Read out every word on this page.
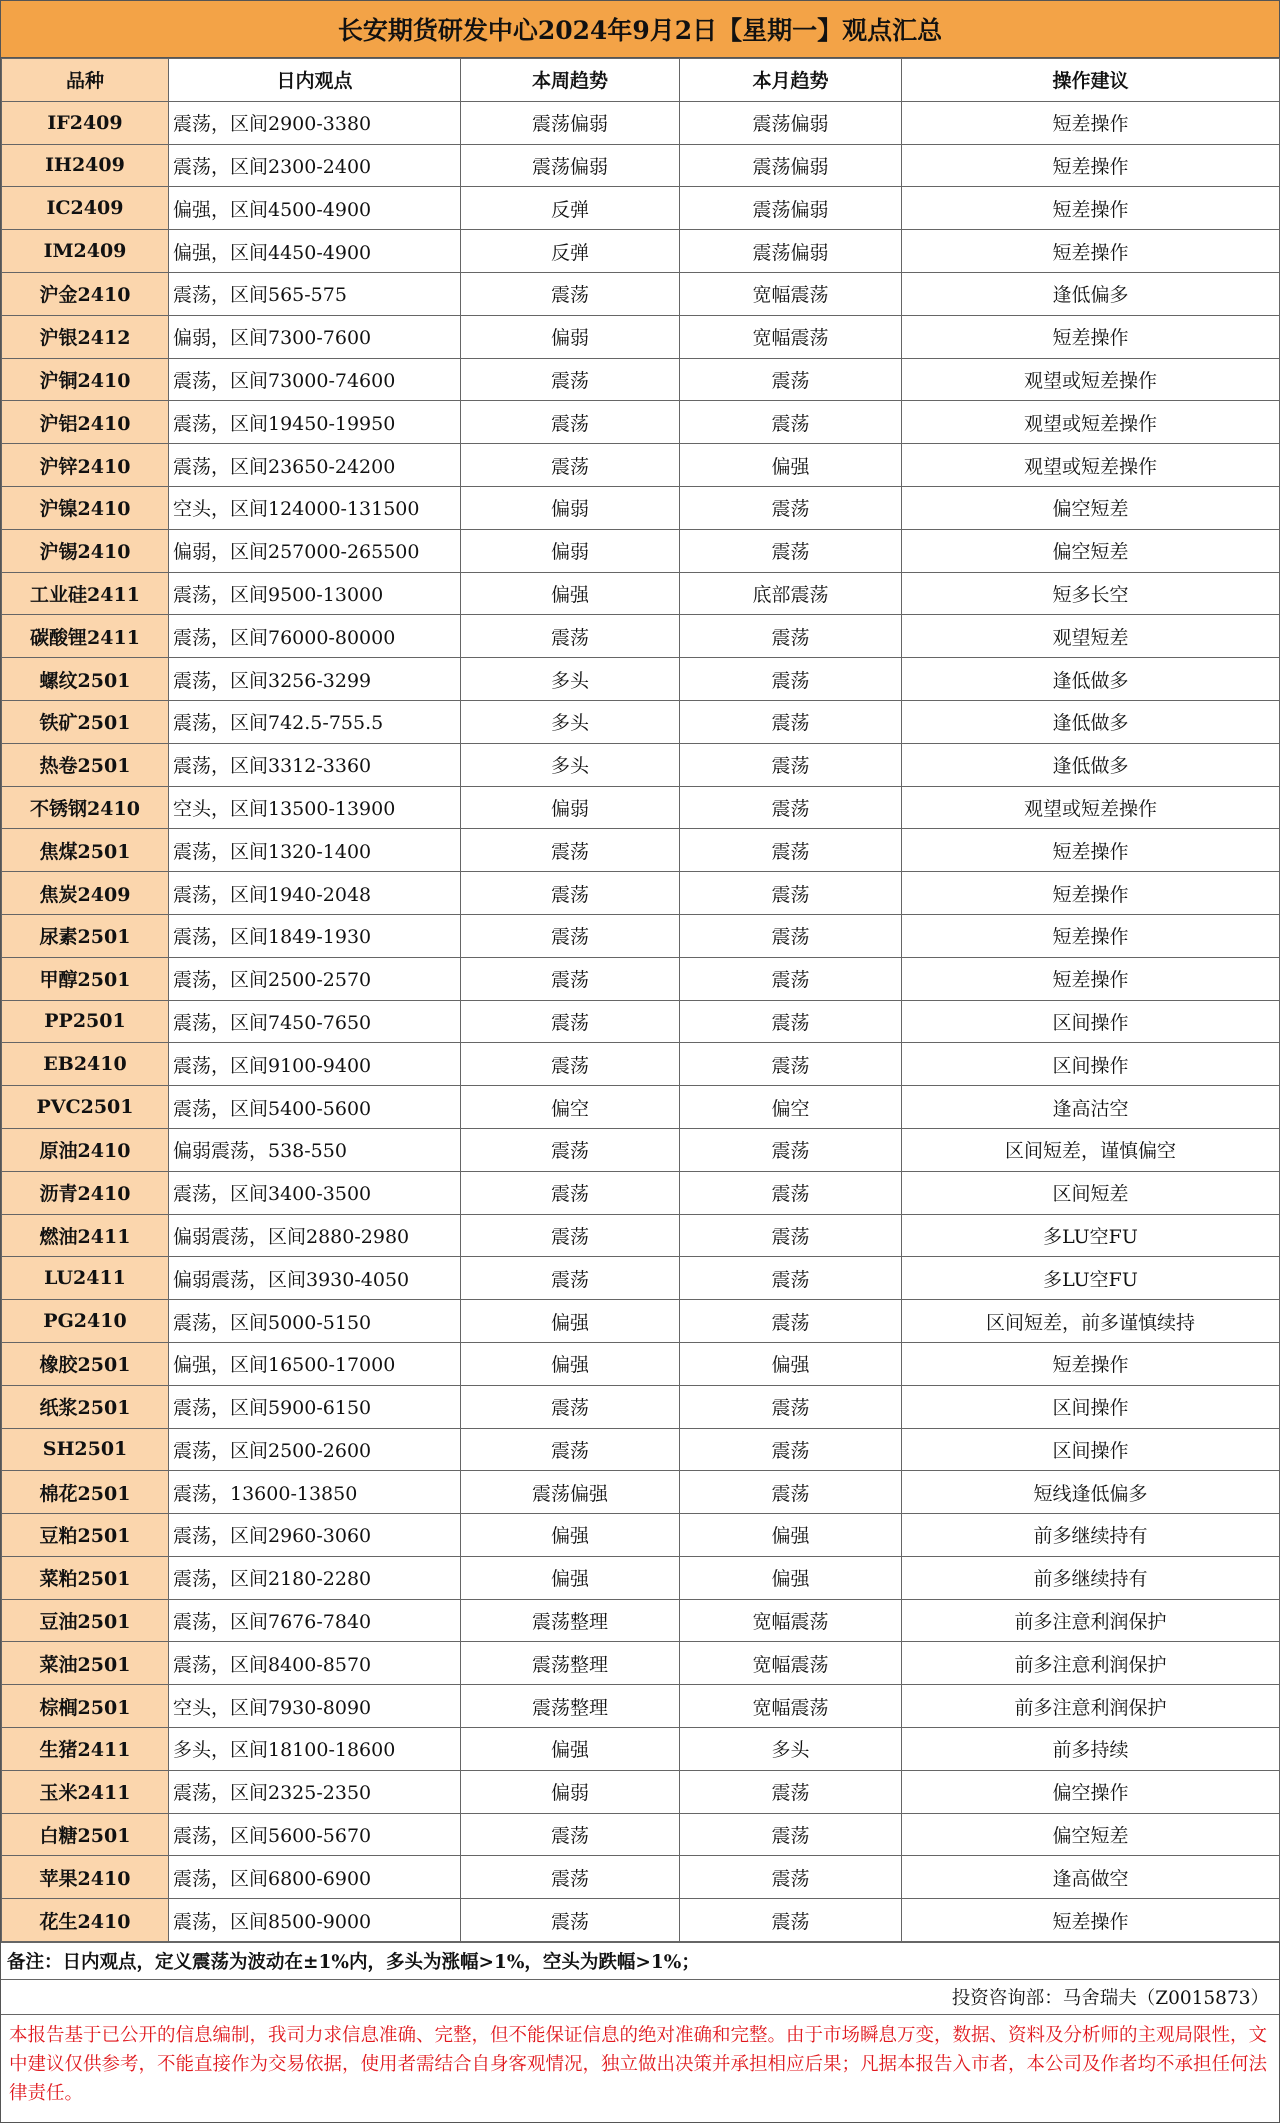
长安期货研发中心2024年9月2日【星期一】观点汇总
品种	日内观点	本周趋势	本月趋势	操作建议
IF2409	震荡，区间2900-3380	震荡偏弱	震荡偏弱	短差操作
IH2409	震荡，区间2300-2400	震荡偏弱	震荡偏弱	短差操作
IC2409	偏强，区间4500-4900	反弹	震荡偏弱	短差操作
IM2409	偏强，区间4450-4900	反弹	震荡偏弱	短差操作
沪金2410	震荡，区间565-575	震荡	宽幅震荡	逢低偏多
沪银2412	偏弱，区间7300-7600	偏弱	宽幅震荡	短差操作
沪铜2410	震荡，区间73000-74600	震荡	震荡	观望或短差操作
沪铝2410	震荡，区间19450-19950	震荡	震荡	观望或短差操作
沪锌2410	震荡，区间23650-24200	震荡	偏强	观望或短差操作
沪镍2410	空头，区间124000-131500	偏弱	震荡	偏空短差
沪锡2410	偏弱，区间257000-265500	偏弱	震荡	偏空短差
工业硅2411	震荡，区间9500-13000	偏强	底部震荡	短多长空
碳酸锂2411	震荡，区间76000-80000	震荡	震荡	观望短差
螺纹2501	震荡，区间3256-3299	多头	震荡	逢低做多
铁矿2501	震荡，区间742.5-755.5	多头	震荡	逢低做多
热卷2501	震荡，区间3312-3360	多头	震荡	逢低做多
不锈钢2410	空头，区间13500-13900	偏弱	震荡	观望或短差操作
焦煤2501	震荡，区间1320-1400	震荡	震荡	短差操作
焦炭2409	震荡，区间1940-2048	震荡	震荡	短差操作
尿素2501	震荡，区间1849-1930	震荡	震荡	短差操作
甲醇2501	震荡，区间2500-2570	震荡	震荡	短差操作
PP2501	震荡，区间7450-7650	震荡	震荡	区间操作
EB2410	震荡，区间9100-9400	震荡	震荡	区间操作
PVC2501	震荡，区间5400-5600	偏空	偏空	逢高沽空
原油2410	偏弱震荡，538-550	震荡	震荡	区间短差，谨慎偏空
沥青2410	震荡，区间3400-3500	震荡	震荡	区间短差
燃油2411	偏弱震荡，区间2880-2980	震荡	震荡	多LU空FU
LU2411	偏弱震荡，区间3930-4050	震荡	震荡	多LU空FU
PG2410	震荡，区间5000-5150	偏强	震荡	区间短差，前多谨慎续持
橡胶2501	偏强，区间16500-17000	偏强	偏强	短差操作
纸浆2501	震荡，区间5900-6150	震荡	震荡	区间操作
SH2501	震荡，区间2500-2600	震荡	震荡	区间操作
棉花2501	震荡，13600-13850	震荡偏强	震荡	短线逢低偏多
豆粕2501	震荡，区间2960-3060	偏强	偏强	前多继续持有
菜粕2501	震荡，区间2180-2280	偏强	偏强	前多继续持有
豆油2501	震荡，区间7676-7840	震荡整理	宽幅震荡	前多注意利润保护
菜油2501	震荡，区间8400-8570	震荡整理	宽幅震荡	前多注意利润保护
棕榈2501	空头，区间7930-8090	震荡整理	宽幅震荡	前多注意利润保护
生猪2411	多头，区间18100-18600	偏强	多头	前多持续
玉米2411	震荡，区间2325-2350	偏弱	震荡	偏空操作
白糖2501	震荡，区间5600-5670	震荡	震荡	偏空短差
苹果2410	震荡，区间6800-6900	震荡	震荡	逢高做空
花生2410	震荡，区间8500-9000	震荡	震荡	短差操作
备注：日内观点，定义震荡为波动在±1%内，多头为涨幅>1%，空头为跌幅>1%；
投资咨询部：马舍瑞夫（Z0015873）
本报告基于已公开的信息编制，我司力求信息准确、完整，但不能保证信息的绝对准确和完整。由于市场瞬息万变，数据、资料及分析师的主观局限性，文中建议仅供参考，不能直接作为交易依据，使用者需结合自身客观情况，独立做出决策并承担相应后果；凡据本报告入市者，本公司及作者均不承担任何法律责任。
